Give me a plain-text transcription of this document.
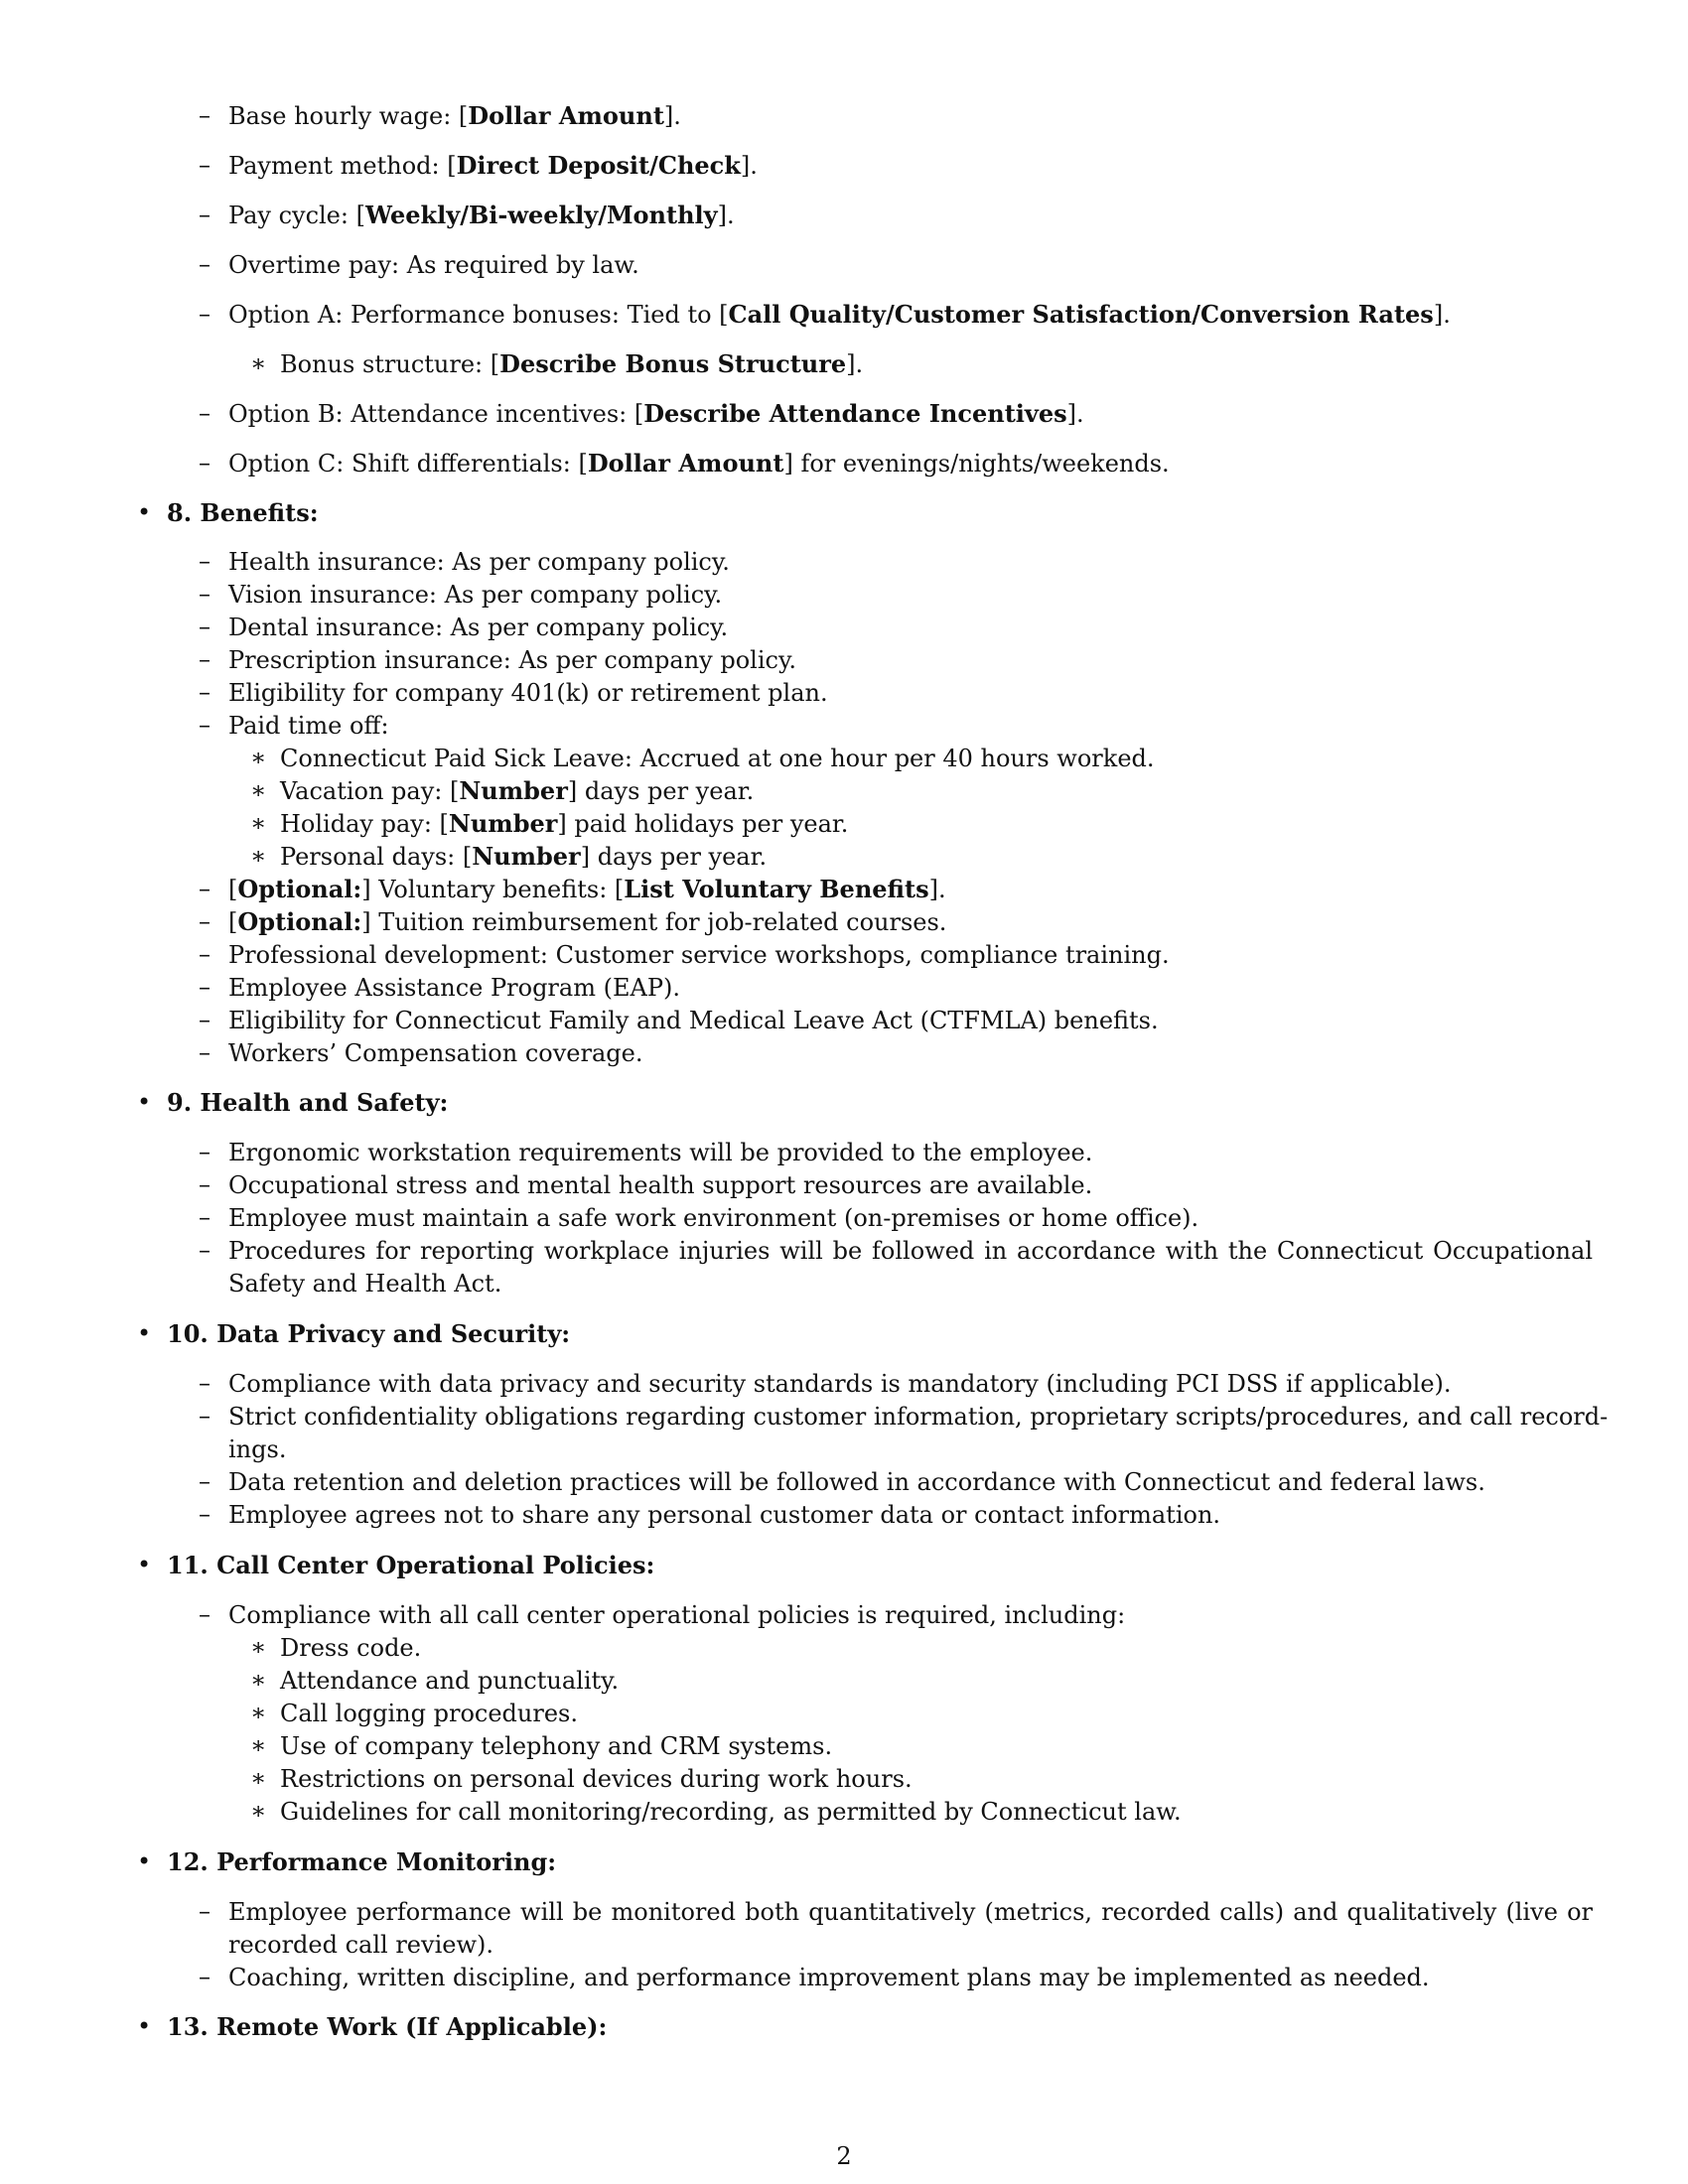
– Base hourly wage: [Dollar Amount].
– Payment method: [Direct Deposit/Check].
– Pay cycle: [Weekly/Bi-weekly/Monthly].
– Overtime pay: As required by law.
– Option A: Performance bonuses: Tied to [Call Quality/Customer Satisfaction/Conversion Rates].
∗ Bonus structure: [Describe Bonus Structure].
– Option B: Attendance incentives: [Describe Attendance Incentives].
– Option C: Shift differentials: [Dollar Amount] for evenings/nights/weekends.
• 8. Benefits:
– Health insurance: As per company policy.
– Vision insurance: As per company policy.
– Dental insurance: As per company policy.
– Prescription insurance: As per company policy.
– Eligibility for company 401(k) or retirement plan.
– Paid time off:
∗ Connecticut Paid Sick Leave: Accrued at one hour per 40 hours worked.
∗ Vacation pay: [Number] days per year.
∗ Holiday pay: [Number] paid holidays per year.
∗ Personal days: [Number] days per year.
– [Optional:] Voluntary benefits: [List Voluntary Benefits].
– [Optional:] Tuition reimbursement for job-related courses.
– Professional development: Customer service workshops, compliance training.
– Employee Assistance Program (EAP).
– Eligibility for Connecticut Family and Medical Leave Act (CTFMLA) benefits.
– Workers’ Compensation coverage.
• 9. Health and Safety:
– Ergonomic workstation requirements will be provided to the employee.
– Occupational stress and mental health support resources are available.
– Employee must maintain a safe work environment (on-premises or home office).
– Procedures for reporting workplace injuries will be followed in accordance with the Connecticut Occupational
Safety and Health Act.
• 10. Data Privacy and Security:
– Compliance with data privacy and security standards is mandatory (including PCI DSS if applicable).
– Strict confidentiality obligations regarding customer information, proprietary scripts/procedures, and call record-
ings.
– Data retention and deletion practices will be followed in accordance with Connecticut and federal laws.
– Employee agrees not to share any personal customer data or contact information.
• 11. Call Center Operational Policies:
– Compliance with all call center operational policies is required, including:
∗ Dress code.
∗ Attendance and punctuality.
∗ Call logging procedures.
∗ Use of company telephony and CRM systems.
∗ Restrictions on personal devices during work hours.
∗ Guidelines for call monitoring/recording, as permitted by Connecticut law.
• 12. Performance Monitoring:
– Employee performance will be monitored both quantitatively (metrics, recorded calls) and qualitatively (live or
recorded call review).
– Coaching, written discipline, and performance improvement plans may be implemented as needed.
• 13. Remote Work (If Applicable):
2
